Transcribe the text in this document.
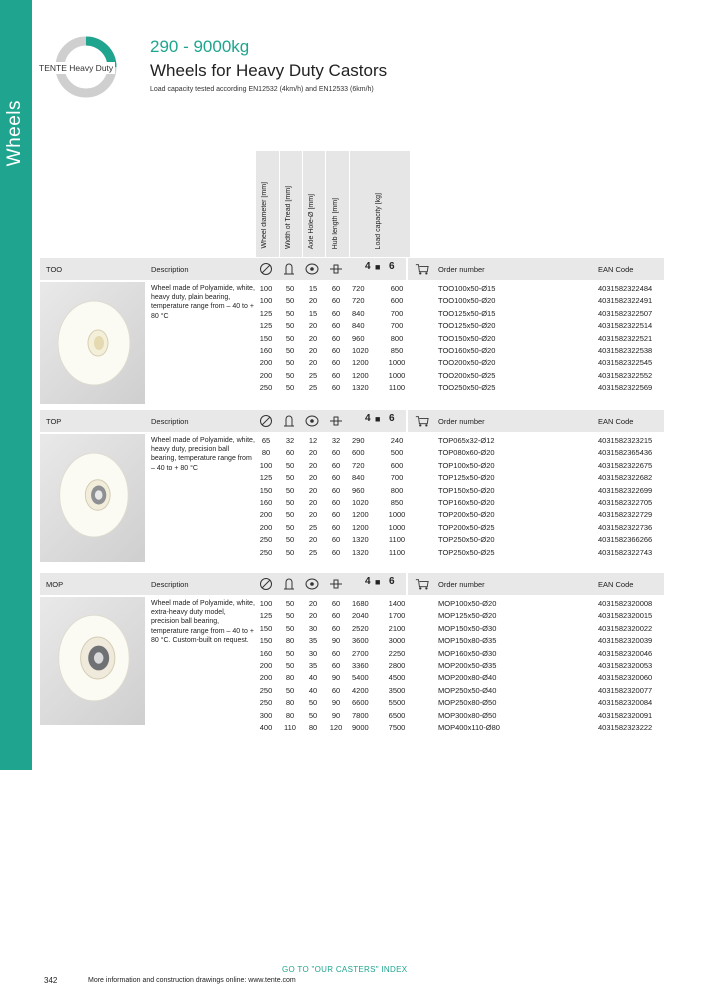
Wheels
TENTE Heavy Duty
290 - 9000kg
Wheels for Heavy Duty Castors
Load capacity tested according EN12532 (4km/h) and EN12533 (6km/h)
Wheel diameter [mm] Width of Tread [mm] Axle Hole-Ø [mm] Hub length [mm]	Load capacity [kg]
TOO	Description	4 ■ 6	Order number	EAN Code
Wheel made of Polyamide, white, heavy duty, plain bearing, temperature range from – 40 to + 80 °C
100	50	15	60	720	600	TOO100x50-Ø15	4031582322484
100	50	20	60	720	600	TOO100x50-Ø20	4031582322491
125	50	15	60	840	700	TOO125x50-Ø15	4031582322507
125	50	20	60	840	700	TOO125x50-Ø20	4031582322514
150	50	20	60	960	800	TOO150x50-Ø20	4031582322521
160	50	20	60	1020	850	TOO160x50-Ø20	4031582322538
200	50	20	60	1200	1000	TOO200x50-Ø20	4031582322545
200	50	25	60	1200	1000	TOO200x50-Ø25	4031582322552
250	50	25	60	1320	1100	TOO250x50-Ø25	4031582322569
TOP	Description	4 ■ 6	Order number	EAN Code
Wheel made of Polyamide, white, heavy duty, precision ball bearing, temperature range from – 40 to + 80 °C
65	32	12	32	290	240	TOP065x32-Ø12	4031582323215
80	60	20	60	600	500	TOP080x60-Ø20	4031582365436
100	50	20	60	720	600	TOP100x50-Ø20	4031582322675
125	50	20	60	840	700	TOP125x50-Ø20	4031582322682
150	50	20	60	960	800	TOP150x50-Ø20	4031582322699
160	50	20	60	1020	850	TOP160x50-Ø20	4031582322705
200	50	20	60	1200	1000	TOP200x50-Ø20	4031582322729
200	50	25	60	1200	1000	TOP200x50-Ø25	4031582322736
250	50	20	60	1320	1100	TOP250x50-Ø20	4031582366266
250	50	25	60	1320	1100	TOP250x50-Ø25	4031582322743
MOP	Description	4 ■ 6	Order number	EAN Code
Wheel made of Polyamide, white, extra-heavy duty model, precision ball bearing, temperature range from – 40 to + 80 °C. Custom-built on request.
100	50	20	60	1680	1400	MOP100x50-Ø20	4031582320008
125	50	20	60	2040	1700	MOP125x50-Ø20	4031582320015
150	50	30	60	2520	2100	MOP150x50-Ø30	4031582320022
150	80	35	90	3600	3000	MOP150x80-Ø35	4031582320039
160	50	30	60	2700	2250	MOP160x50-Ø30	4031582320046
200	50	35	60	3360	2800	MOP200x50-Ø35	4031582320053
200	80	40	90	5400	4500	MOP200x80-Ø40	4031582320060
250	50	40	60	4200	3500	MOP250x50-Ø40	4031582320077
250	80	50	90	6600	5500	MOP250x80-Ø50	4031582320084
300	80	50	90	7800	6500	MOP300x80-Ø50	4031582320091
400	110	80	120	9000	7500	MOP400x110-Ø80	4031582323222
GO TO "OUR CASTERS" INDEX
342	More information and construction drawings online: www.tente.com
